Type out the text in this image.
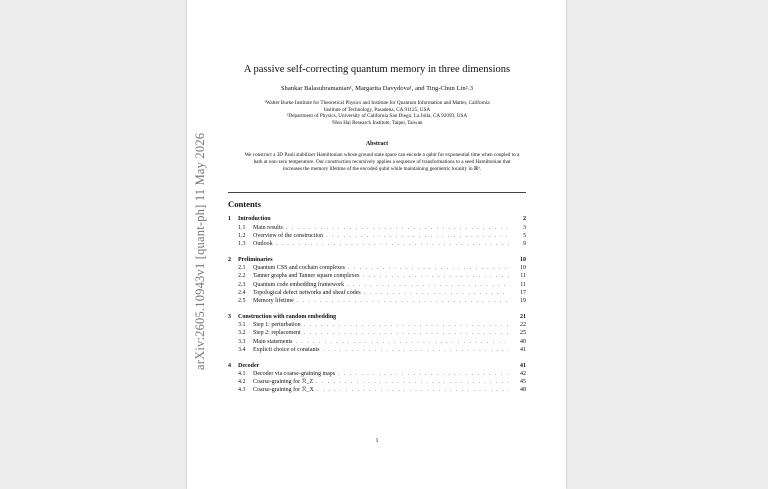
arXiv:2605.10943v1 [quant-ph] 11 May 2026
A passive self-correcting quantum memory in three dimensions
Shankar Balasubramanian¹, Margarita Davydova¹, and Ting-Chun Lin²˒3
¹Walter Burke Institute for Theoretical Physics and Institute for Quantum Information and Matter, California
Institute of Technology, Pasadena, CA 91125, USA
²Department of Physics, University of California San Diego, La Jolla, CA 92093, USA
³Hon Hai Research Institute, Taipei, Taiwan
Abstract
We construct a 3D Pauli stabilizer Hamiltonian whose ground state space can encode a qubit for exponential time when coupled to a bath at non-zero temperature. Our construction recursively applies a sequence of transformations to a seed Hamiltonian that increases the memory lifetime of the encoded qubit while maintaining geometric locality in ℝ³.
Contents
1	Introduction	2
1.1	Main results . . .	3
1.2	Overview of the construction . . .	5
1.3	Outlook . . .	9
2	Preliminaries	10
2.1	Quantum CSS and cochain complexes . . .	10
2.2	Tanner graphs and Tanner square complexes . . .	11
2.3	Quantum code embedding framework . . .	11
2.4	Topological defect networks and sheaf codes . . .	17
2.5	Memory lifetime . . .	19
3	Construction with random embedding	21
3.1	Step 1: perturbation . . .	22
3.2	Step 2: replacement . . .	25
3.3	Main statements . . .	40
3.4	Explicit choice of constants . . .	41
4	Decoder	41
4.1	Decoder via coarse-graining maps . . .	42
4.2	Coarse-graining for ℛ_Z . . .	45
4.3	Coarse-graining for ℛ_X . . .	48
1
